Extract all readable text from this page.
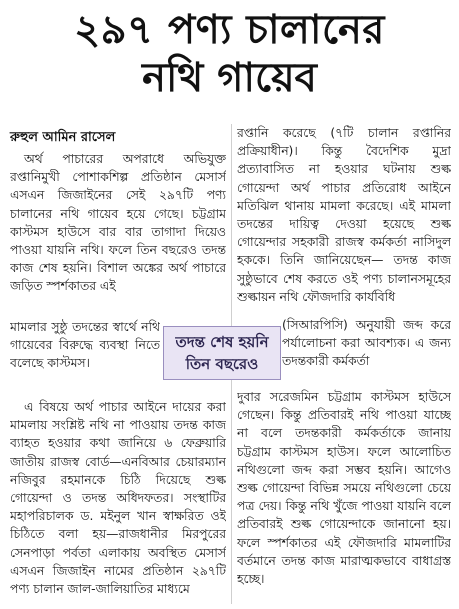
২৯৭ পণ্য চালানের
নথি গায়েব
রুহুল আমিন রাসেল

অর্থ পাচারের অপরাধে অভিযুক্ত রপ্তানিমুখী পোশাকশিল্প প্রতিষ্ঠান মেসার্স এসএন জিজাইনের সেই ২৯৭টি পণ্য চালানের নথি গায়েব হয়ে গেছে। চট্টগ্রাম কাস্টমস হাউসে বার বার তাগাদা দিয়েও পাওয়া যায়নি নথি। ফলে তিন বছরেও তদন্ত কাজ শেষ হয়নি। বিশাল অঙ্কের অর্থ পাচারে জড়িত স্পর্শকাতর এই

মামলার সুষ্ঠু তদন্তের স্বার্থে নথি গায়েবের বিরুদ্ধে ব্যবস্থা নিতে বলেছে কাস্টমস।

তদন্ত শেষ হয়নি
তিন বছরেও

এ বিষয়ে অর্থ পাচার আইনে দায়ের করা মামলায় সংশ্লিষ্ট নথি না পাওয়ায় তদন্ত কাজ ব্যাহত হওয়ার কথা জানিয়ে ৬ ফেব্রুয়ারি জাতীয় রাজস্ব বোর্ড—এনবিআর চেয়ারম্যান নজিবুর রহমানকে চিঠি দিয়েছে শুল্ক গোয়েন্দা ও তদন্ত অধিদফতর। সংস্থাটির মহাপরিচালক ড. মইনুল খান স্বাক্ষরিত ওই চিঠিতে বলা হয়—রাজধানীর মিরপুরের সেনপাড়া পর্বতা এলাকায় অবস্থিত মেসার্স এসএন জিজাইন নামের প্রতিষ্ঠান ২৯৭টি পণ্য চালান জাল-জালিয়াতির মাধ্যমে

রপ্তানি করেছে (৭টি চালান রপ্তানির প্রক্রিয়াধীন)। কিন্তু বৈদেশিক মুদ্রা প্রত্যাবাসিত না হওয়ার ঘটনায় শুল্ক গোয়েন্দা অর্থ পাচার প্রতিরোধ আইনে মতিঝিল থানায় মামলা করেছে। এই মামলা তদন্তের দায়িত্ব দেওয়া হয়েছে শুল্ক গোয়েন্দার সহকারী রাজস্ব কর্মকর্তা নাসিদুল হককে। তিনি জানিয়েছেন— তদন্ত কাজ সুষ্ঠুভাবে শেষ করতে ওই পণ্য চালানসমূহের শুল্কায়ন নথি ফৌজদারি কার্যবিধি

(সিআরপিসি) অনুযায়ী জব্দ করে পর্যালোচনা করা আবশ্যক। এ জন্য তদন্তকারী কর্মকর্তা

দুবার সরেজমিন চট্টগ্রাম কাস্টমস হাউসে গেছেন। কিন্তু প্রতিবারই নথি পাওয়া যাচ্ছে না বলে তদন্তকারী কর্মকর্তাকে জানায় চট্টগ্রাম কাস্টমস হাউস। ফলে আলোচিত নথিগুলো জব্দ করা সম্ভব হয়নি। আগেও শুল্ক গোয়েন্দা বিভিন্ন সময়ে নথিগুলো চেয়ে পত্র দেয়। কিন্তু নথি খুঁজে পাওয়া যায়নি বলে প্রতিবারই শুল্ক গোয়েন্দাকে জানানো হয়। ফলে স্পর্শকাতর এই ফৌজদারি মামলাটির বর্তমানে তদন্ত কাজ মারাত্মকভাবে বাধাগ্রস্ত হচ্ছে।
